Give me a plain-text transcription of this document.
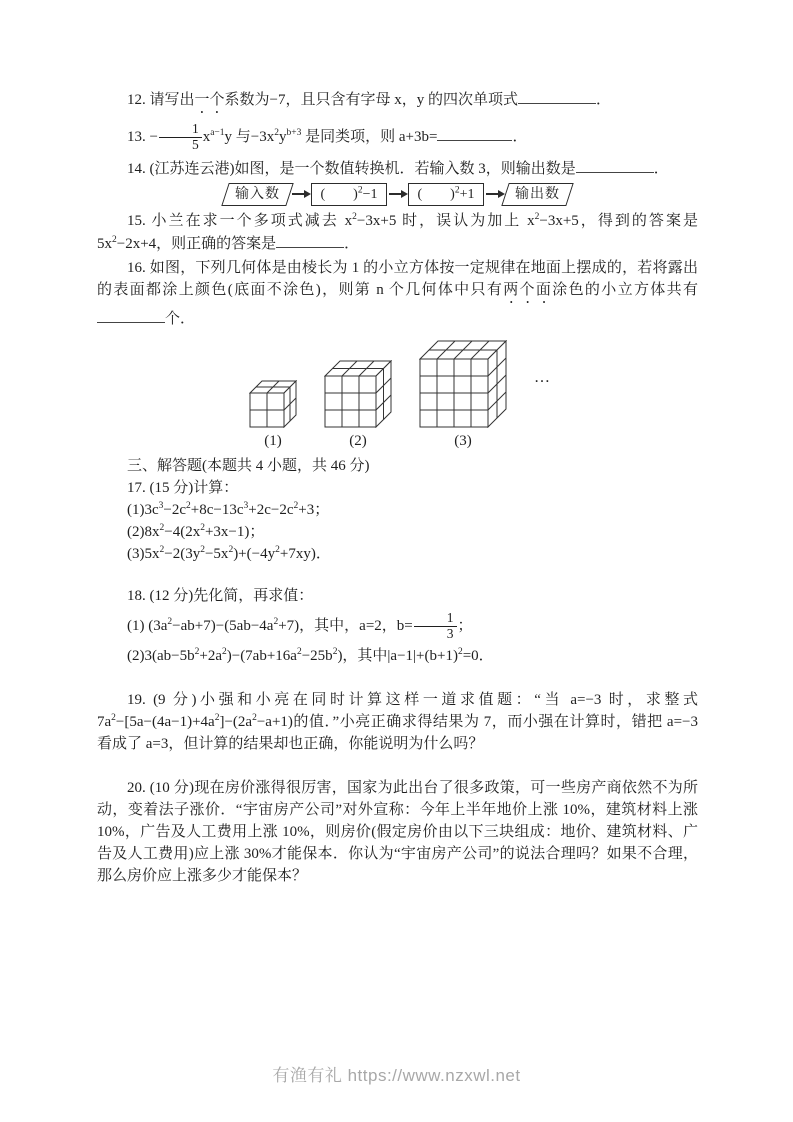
12. 请写出一个系数为−7，且只含有字母 x，y 的四次单项式	．

13. − $\frac{1}{5} x^{a-1}y$ 与$-3x^2y^{b+3}$ 是同类项，则 a+3b=	．

14. (江苏连云港)如图，是一个数值转换机．若输入数 3，则输出数是	．

输入数	(　　)$^2$−1	(　　)$^2$+1	输出数

15. 小兰在求一个多项式减去 $x^2-3x+5$ 时，误认为加上 $x^2-3x+5$，得到的答案是 $5x^2-2x+4$，则正确的答案是	．

16. 如图，下列几何体是由棱长为 1 的小立方体按一定规律在地面上摆成的，若将露出的表面都涂上颜色(底面不涂色)，则第 n 个几何体中只有两个面涂色的小立方体共有个．

(1)	(2)	(3)
…

三、解答题(本题共 4 小题，共 46 分)

17. (15 分)计算：

$(1)3c^3-2c^2+8c-13c^3+2c-2c^2+3$；

$(2)8x^2-4(2x^2+3x-1)$；

$(3)5x^2-2(3y^2-5x^2)+(-4y^2+7xy)$．

18. (12 分)先化简，再求值：

(1) $(3a^2-ab+7)-(5ab-4a^2+7)$，其中，a=2，$b= \frac{1}{3}$ ；

$(2)3(ab-5b^2+2a^2)-(7ab+16a^2-25b^2)$，其中$|a-1|+(b+1)^2=0$．

19. (9 分)小强和小亮在同时计算这样一道求值题：“当 a=−3 时，求整式 $7a^2-[5a-(4a-1)+4a^2]-(2a^2-a+1)$的值．”小亮正确求得结果为 7，而小强在计算时，错把 a=−3 看成了 a=3，但计算的结果却也正确，你能说明为什么吗？

20. (10 分)现在房价涨得很厉害，国家为此出台了很多政策，可一些房产商依然不为所动，变着法子涨价．“宇宙房产公司”对外宣称：今年上半年地价上涨 10%，建筑材料上涨 10%，广告及人工费用上涨 10%，则房价(假定房价由以下三块组成：地价、建筑材料、广告及人工费用)应上涨 30%才能保本．你认为“宇宙房产公司”的说法合理吗？如果不合理，那么房价应上涨多少才能保本？

有渔有礼 https://www.nzxwl.net
